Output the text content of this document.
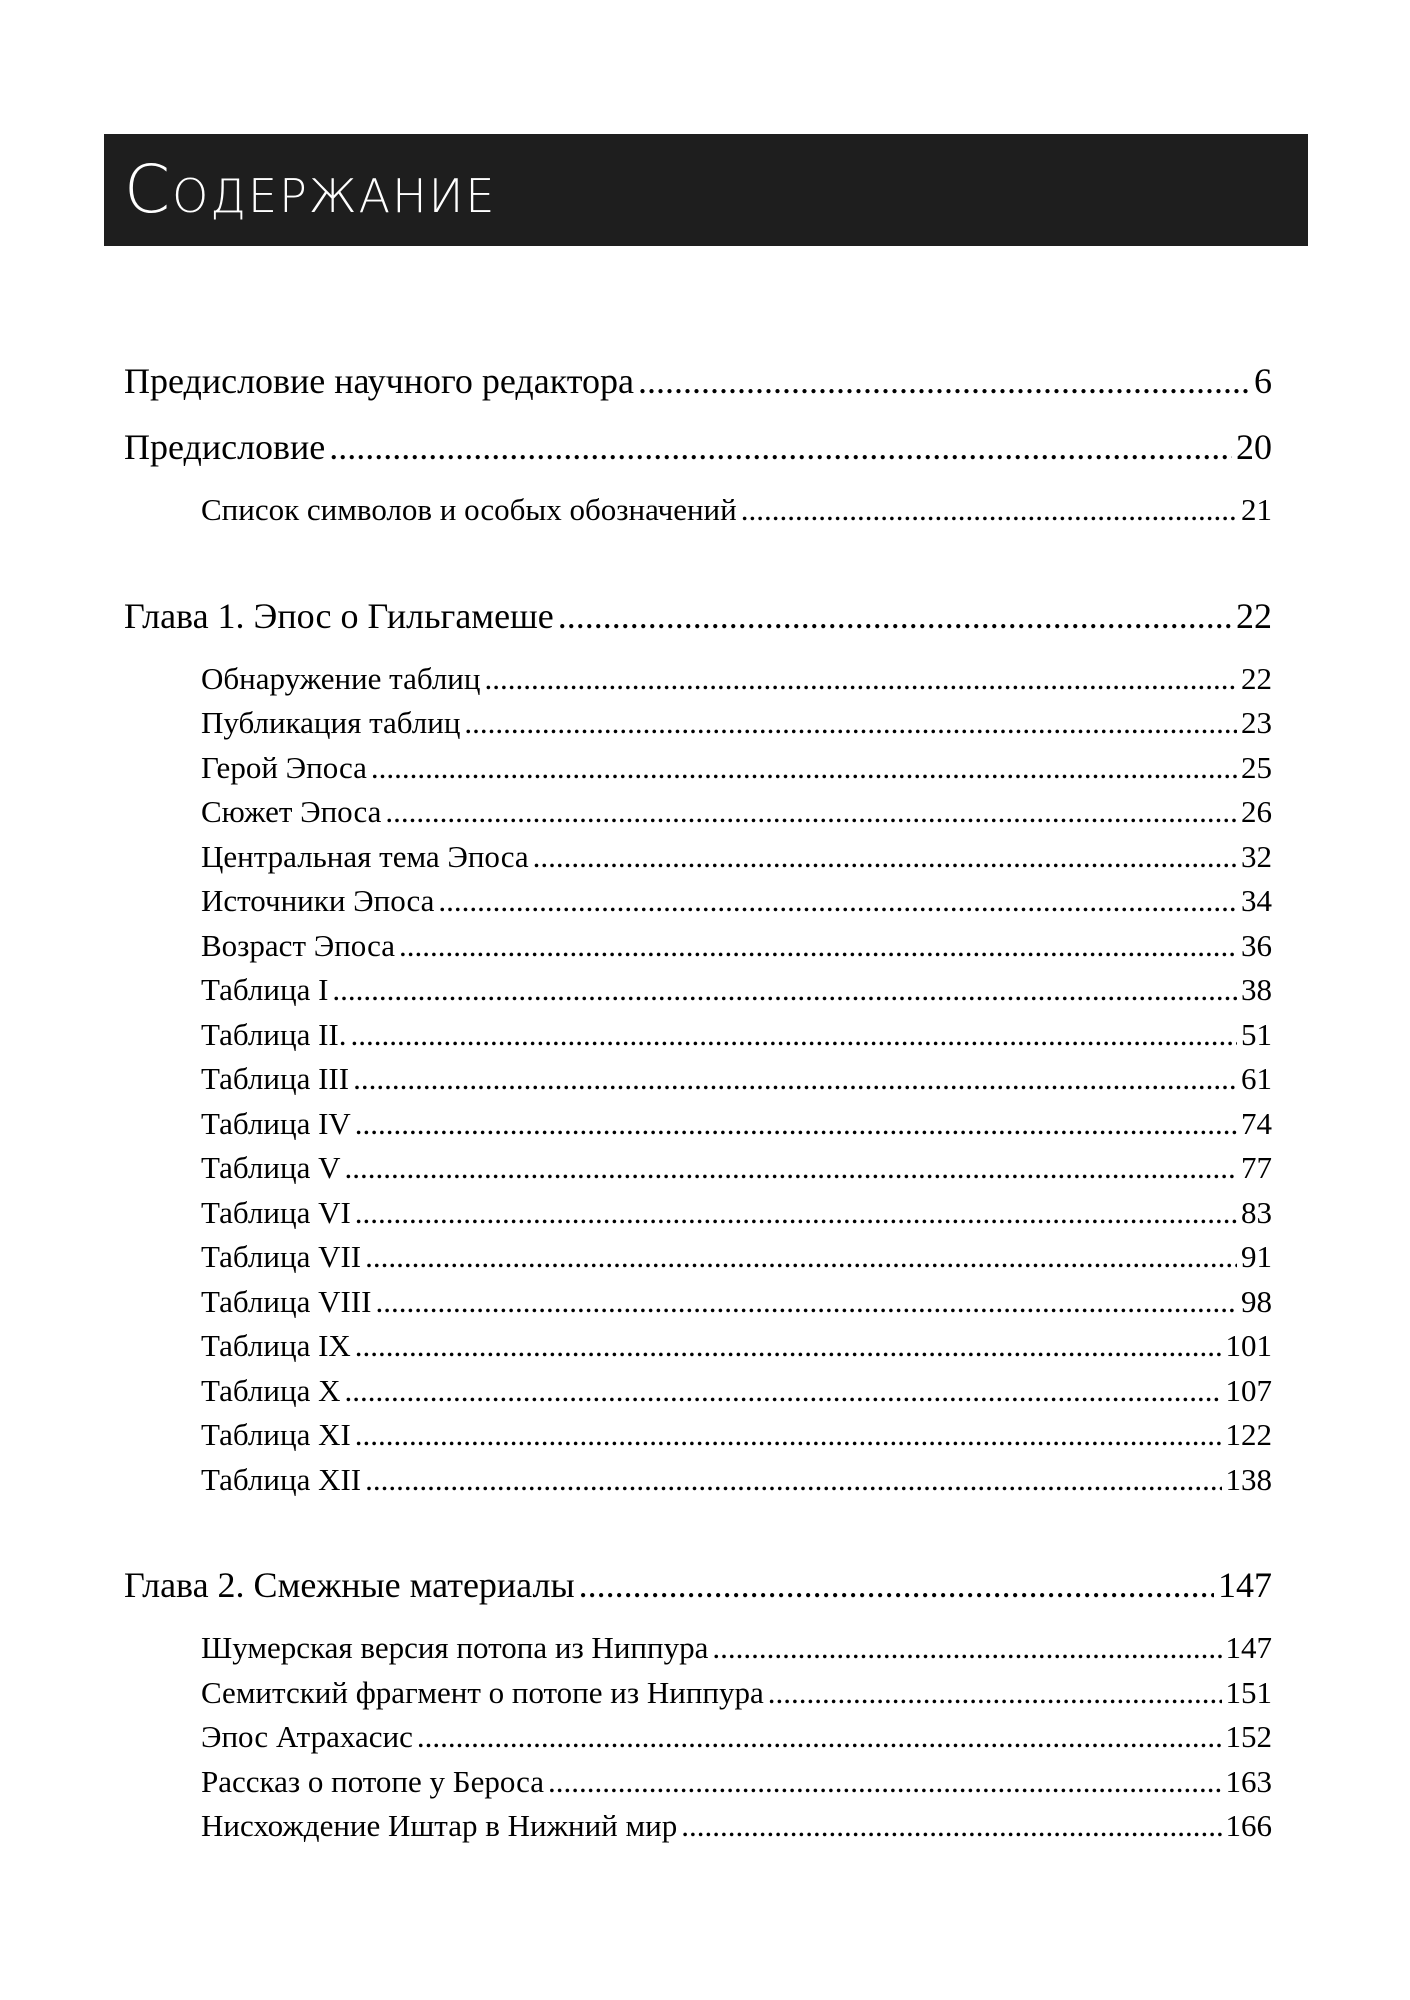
Содержание
Предисловие научного редактора .....	6
Предисловие .....	20
Список символов и особых обозначений .....	21
Глава 1. Эпос о Гильгамеше .....	22
Обнаружение таблиц .....	22
Публикация таблиц .....	23
Герой Эпоса .....	25
Сюжет Эпоса .....	26
Центральная тема Эпоса .....	32
Источники Эпоса .....	34
Возраст Эпоса .....	36
Таблица I .....	38
Таблица II. .....	51
Таблица III .....	61
Таблица IV .....	74
Таблица V .....	77
Таблица VI .....	83
Таблица VII .....	91
Таблица VIII .....	98
Таблица IX .....	101
Таблица X .....	107
Таблица XI .....	122
Таблица XII .....	138
Глава 2. Смежные материалы .....	147
Шумерская версия потопа из Ниппура .....	147
Семитский фрагмент о потопе из Ниппура .....	151
Эпос Атрахасис .....	152
Рассказ о потопе у Бероса .....	163
Нисхождение Иштар в Нижний мир .....	166
